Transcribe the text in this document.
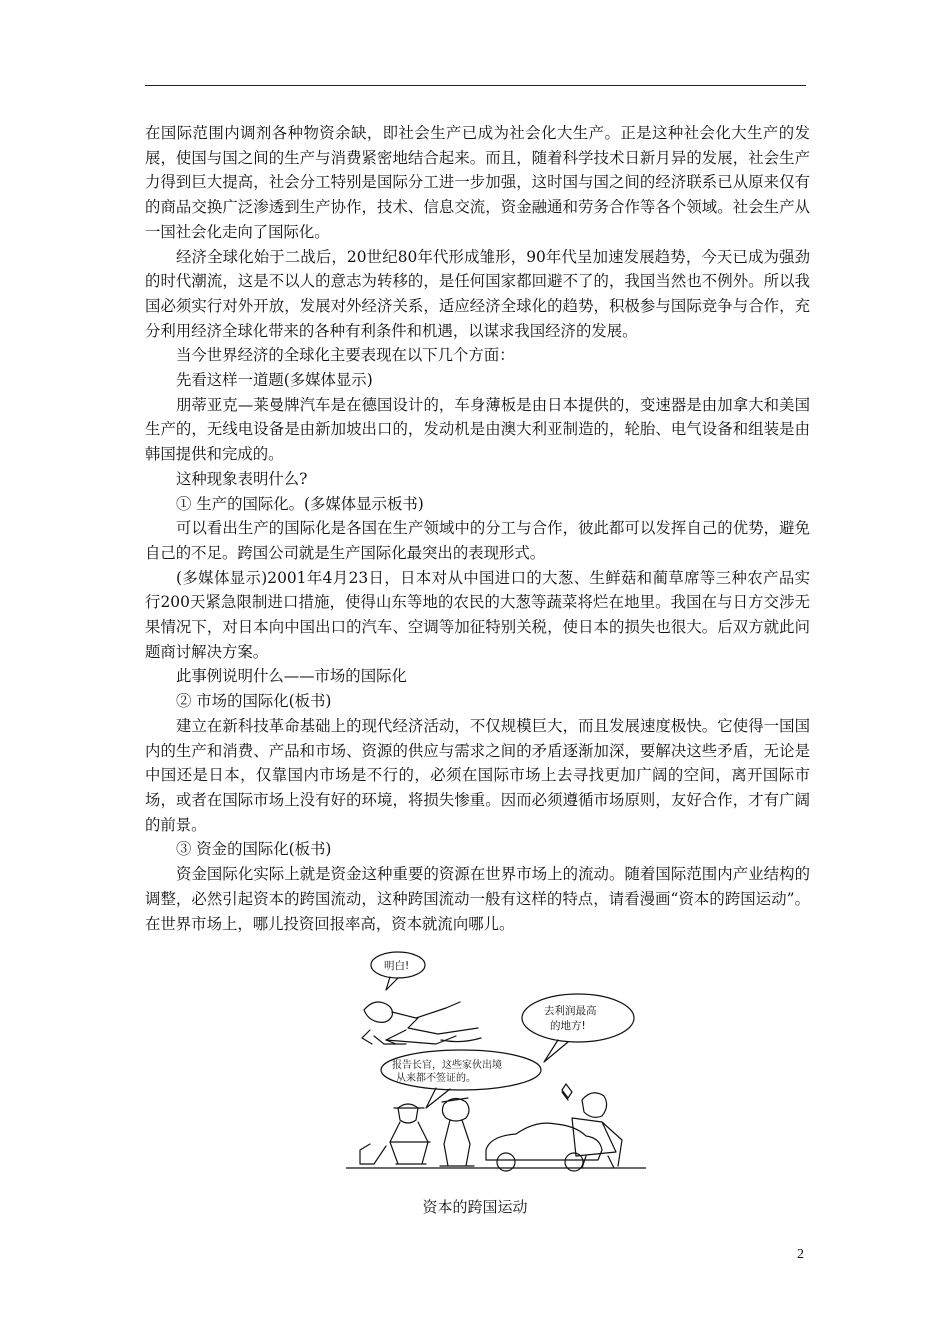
在国际范围内调剂各种物资余缺，即社会生产已成为社会化大生产。正是这种社会化大生产的发展，使国与国之间的生产与消费紧密地结合起来。而且，随着科学技术日新月异的发展，社会生产力得到巨大提高，社会分工特别是国际分工进一步加强，这时国与国之间的经济联系已从原来仅有的商品交换广泛渗透到生产协作，技术、信息交流，资金融通和劳务合作等各个领域。社会生产从一国社会化走向了国际化。

经济全球化始于二战后，20世纪80年代形成雏形，90年代呈加速发展趋势，今天已成为强劲的时代潮流，这是不以人的意志为转移的，是任何国家都回避不了的，我国当然也不例外。所以我国必须实行对外开放，发展对外经济关系，适应经济全球化的趋势，积极参与国际竞争与合作，充分利用经济全球化带来的各种有利条件和机遇，以谋求我国经济的发展。

当今世界经济的全球化主要表现在以下几个方面：

先看这样一道题(多媒体显示)

朋蒂亚克—莱曼牌汽车是在德国设计的，车身薄板是由日本提供的，变速器是由加拿大和美国生产的，无线电设备是由新加坡出口的，发动机是由澳大利亚制造的，轮胎、电气设备和组装是由韩国提供和完成的。

这种现象表明什么?

① 生产的国际化。(多媒体显示板书)

可以看出生产的国际化是各国在生产领域中的分工与合作，彼此都可以发挥自己的优势，避免自己的不足。跨国公司就是生产国际化最突出的表现形式。

(多媒体显示)2001年4月23日，日本对从中国进口的大葱、生鲜菇和蔺草席等三种农产品实行200天紧急限制进口措施，使得山东等地的农民的大葱等蔬菜将烂在地里。我国在与日方交涉无果情况下，对日本向中国出口的汽车、空调等加征特别关税，使日本的损失也很大。后双方就此问题商讨解决方案。

此事例说明什么——市场的国际化

② 市场的国际化(板书)

建立在新科技革命基础上的现代经济活动，不仅规模巨大，而且发展速度极快。它使得一国国内的生产和消费、产品和市场、资源的供应与需求之间的矛盾逐渐加深，要解决这些矛盾，无论是中国还是日本，仅靠国内市场是不行的，必须在国际市场上去寻找更加广阔的空间，离开国际市场，或者在国际市场上没有好的环境，将损失惨重。因而必须遵循市场原则，友好合作，才有广阔的前景。

③ 资金的国际化(板书)

资金国际化实际上就是资金这种重要的资源在世界市场上的流动。随着国际范围内产业结构的调整，必然引起资本的跨国流动，这种跨国流动一般有这样的特点，请看漫画“资本的跨国运动”。在世界市场上，哪儿投资回报率高，资本就流向哪儿。

明白!
去利润最高
的地方!
报告长官，这些家伙出境
从来都不签证的。
资本的跨国运动
2
